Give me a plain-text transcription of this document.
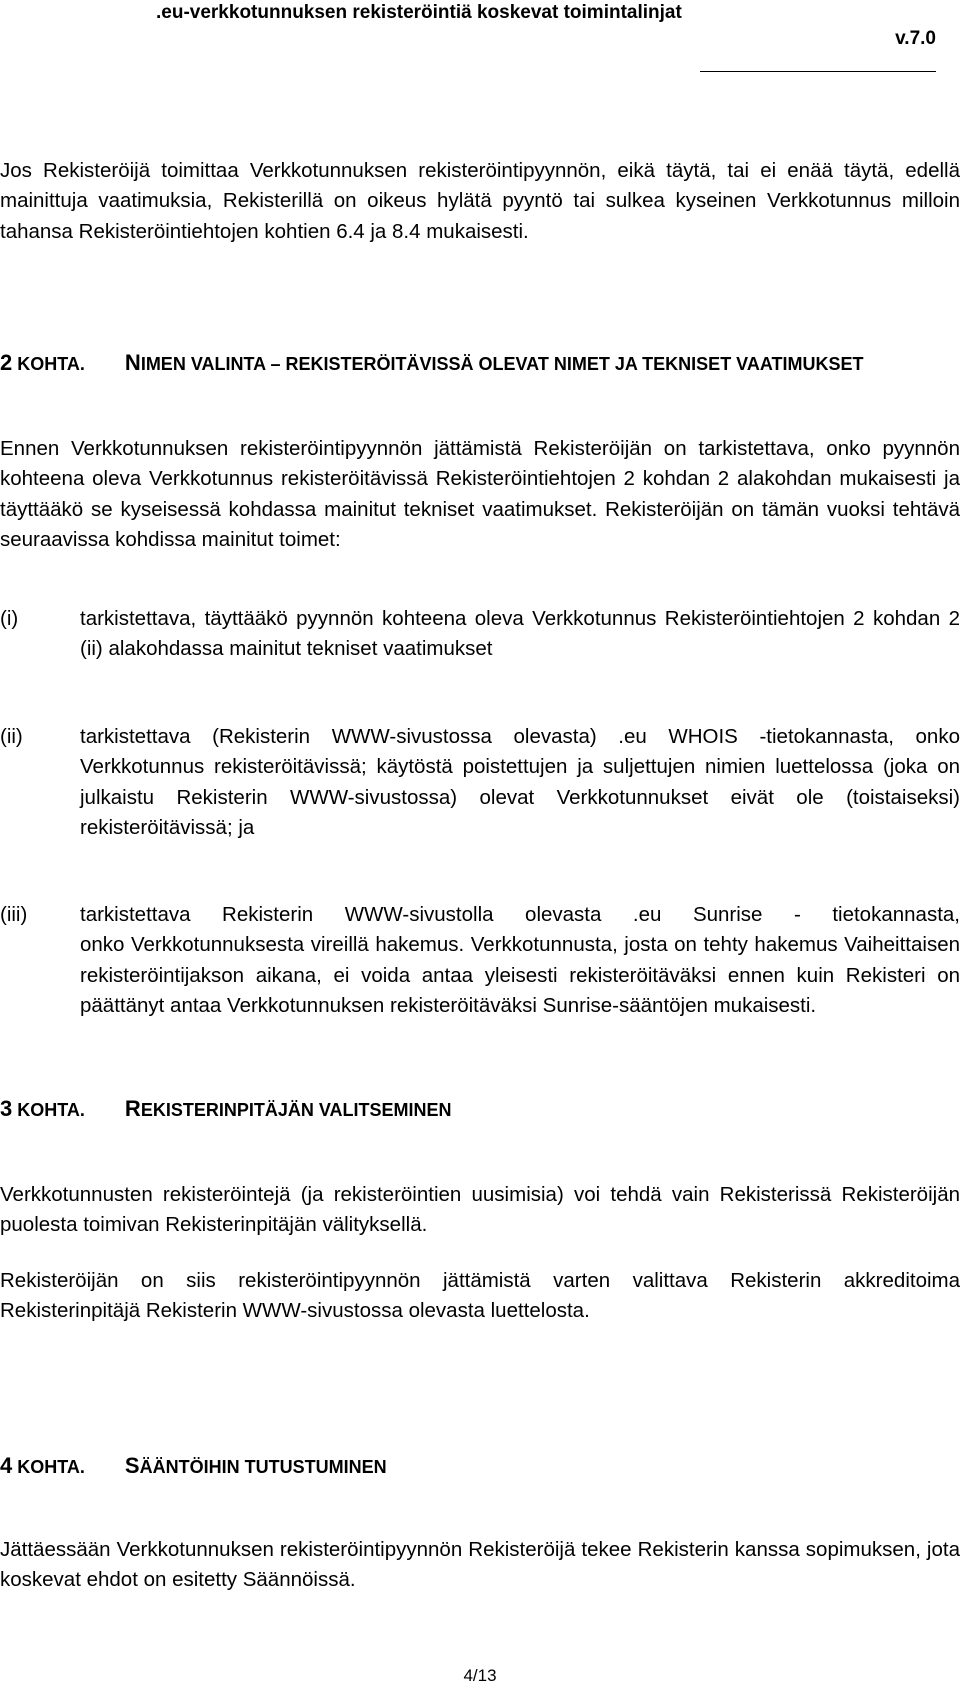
.eu-verkkotunnuksen rekisteröintiä koskevat toimintalinjat
v.7.0

Jos Rekisteröijä toimittaa Verkkotunnuksen rekisteröintipyynnön, eikä täytä, tai ei enää täytä, edellä mainittuja vaatimuksia, Rekisterillä on oikeus hylätä pyyntö tai sulkea kyseinen Verkkotunnus milloin tahansa Rekisteröintiehtojen kohtien 6.4 ja 8.4 mukaisesti.

2 KOHTA. NIMEN VALINTA – REKISTERÖITÄVISSÄ OLEVAT NIMET JA TEKNISET VAATIMUKSET

Ennen Verkkotunnuksen rekisteröintipyynnön jättämistä Rekisteröijän on tarkistettava, onko pyynnön kohteena oleva Verkkotunnus rekisteröitävissä Rekisteröintiehtojen 2 kohdan 2 alakohdan mukaisesti ja täyttääkö se kyseisessä kohdassa mainitut tekniset vaatimukset. Rekisteröijän on tämän vuoksi tehtävä seuraavissa kohdissa mainitut toimet:

(i)	tarkistettava, täyttääkö pyynnön kohteena oleva Verkkotunnus Rekisteröintiehtojen 2 kohdan 2 (ii) alakohdassa mainitut tekniset vaatimukset

(ii)	tarkistettava (Rekisterin WWW-sivustossa olevasta) .eu WHOIS -tietokannasta, onko Verkkotunnus rekisteröitävissä; käytöstä poistettujen ja suljettujen nimien luettelossa (joka on julkaistu Rekisterin WWW-sivustossa) olevat Verkkotunnukset eivät ole (toistaiseksi) rekisteröitävissä; ja

(iii)	tarkistettava Rekisterin WWW-sivustolla olevasta .eu Sunrise - tietokannasta,

onko Verkkotunnuksesta vireillä hakemus. Verkkotunnusta, josta on tehty hakemus Vaiheittaisen rekisteröintijakson aikana, ei voida antaa yleisesti rekisteröitäväksi ennen kuin Rekisteri on päättänyt antaa Verkkotunnuksen rekisteröitäväksi Sunrise-sääntöjen mukaisesti.

3 KOHTA. REKISTERINPITÄJÄN VALITSEMINEN

Verkkotunnusten rekisteröintejä (ja rekisteröintien uusimisia) voi tehdä vain Rekisterissä Rekisteröijän puolesta toimivan Rekisterinpitäjän välityksellä.

Rekisteröijän on siis rekisteröintipyynnön jättämistä varten valittava Rekisterin akkreditoima Rekisterinpitäjä Rekisterin WWW-sivustossa olevasta luettelosta.

4 KOHTA. SÄÄNTÖIHIN TUTUSTUMINEN

Jättäessään Verkkotunnuksen rekisteröintipyynnön Rekisteröijä tekee Rekisterin kanssa sopimuksen, jota koskevat ehdot on esitetty Säännöissä.

4/13
